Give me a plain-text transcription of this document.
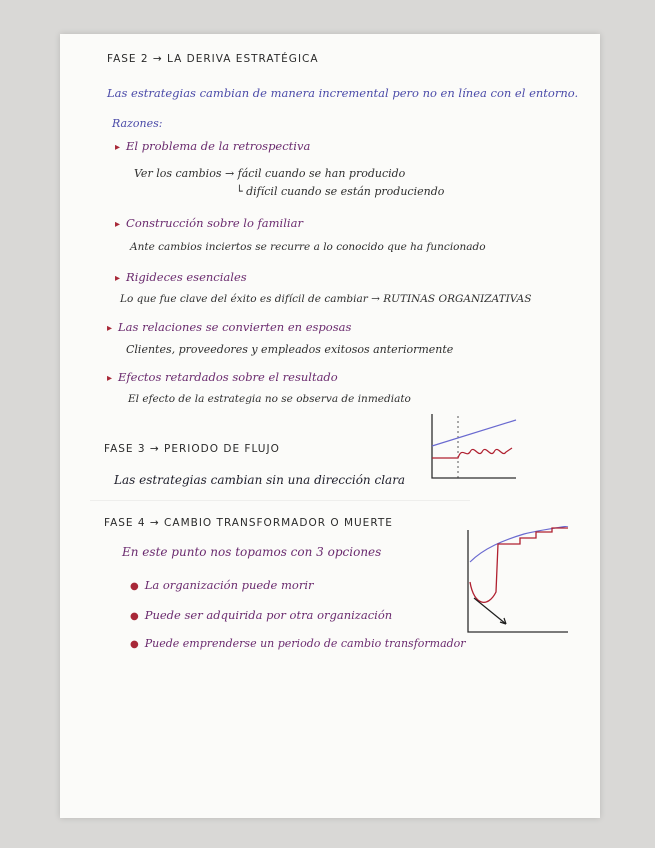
FASE 2 → LA DERIVA ESTRATÉGICA
Las estrategias cambian de manera incremental pero no en línea con el entorno.
Razones:
▸ El problema de la retrospectiva
Ver los cambios → fácil cuando se han producido
└ difícil cuando se están produciendo
▸ Construcción sobre lo familiar
Ante cambios inciertos se recurre a lo conocido que ha funcionado
▸ Rigideces esenciales
Lo que fue clave del éxito es difícil de cambiar → RUTINAS ORGANIZATIVAS
▸ Las relaciones se convierten en esposas
Clientes, proveedores y empleados exitosos anteriormente
▸ Efectos retardados sobre el resultado
El efecto de la estrategia no se observa de inmediato
FASE 3 → PERIODO DE FLUJO
Las estrategias cambian sin una dirección clara
FASE 4 → CAMBIO TRANSFORMADOR O MUERTE
En este punto nos topamos con 3 opciones
● La organización puede morir
● Puede ser adquirida por otra organización
● Puede emprenderse un periodo de cambio transformador
